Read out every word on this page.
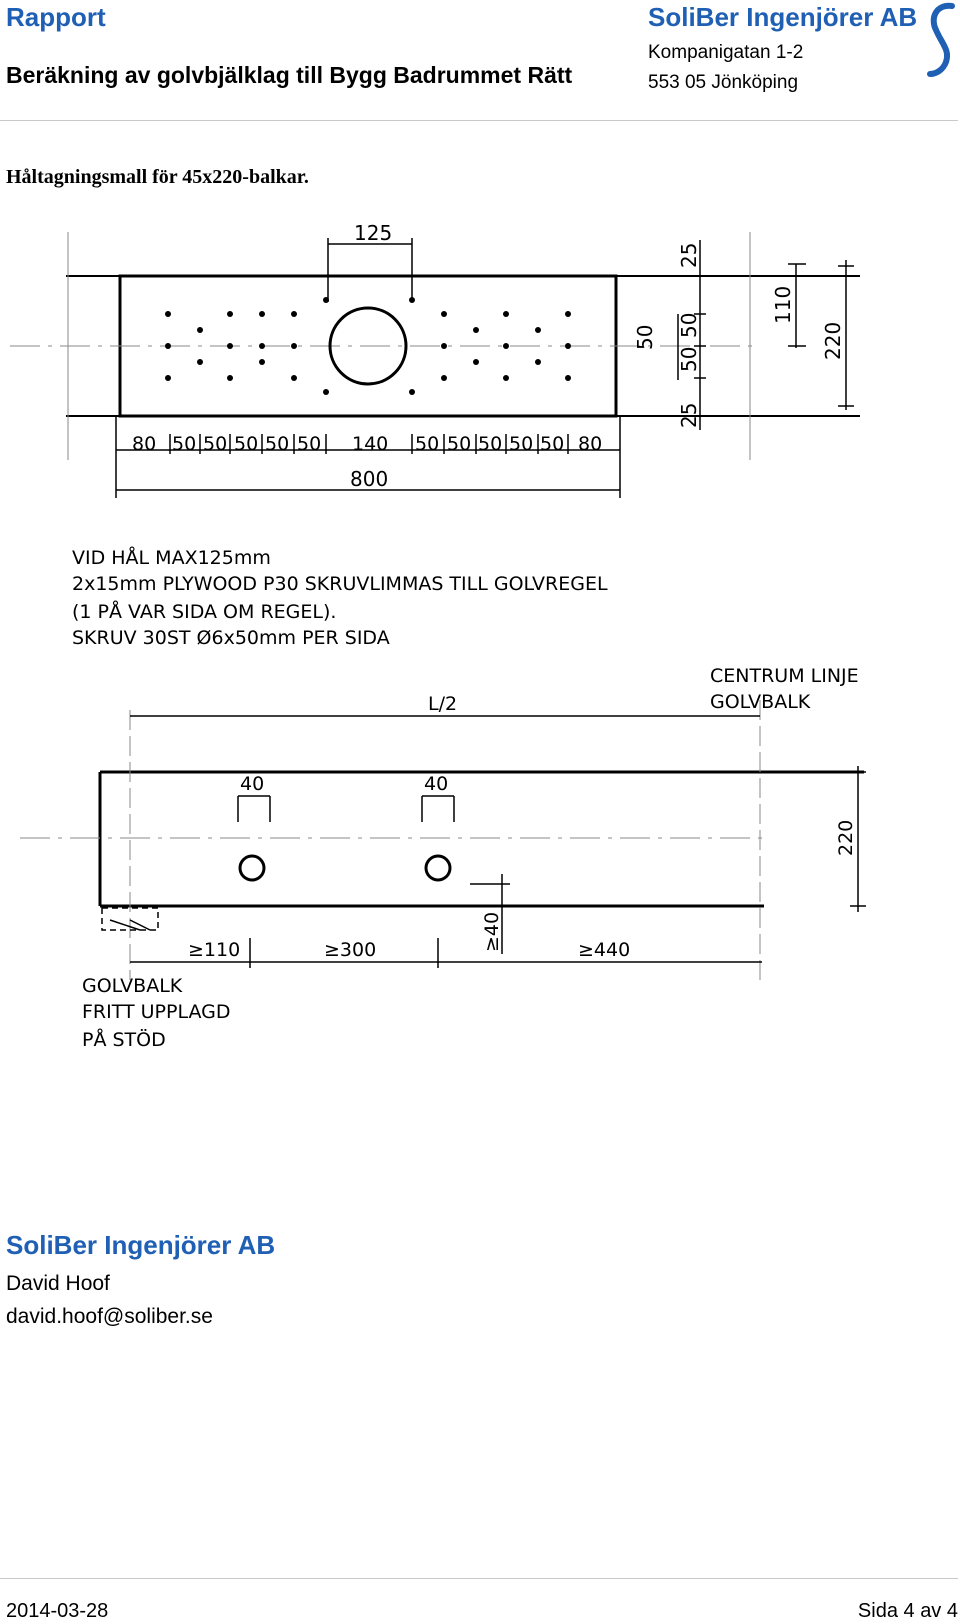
Rapport
Beräkning av golvbjälklag till Bygg Badrummet Rätt
SoliBer Ingenjörer AB
Kompanigatan 1-2
553 05 Jönköping
Håltagningsmall för 45x220-balkar.
125
25
25
50 50
50
110
220
800
80 50 50 50 50 50 140 50 50 50 50 50 80
VID HÅL MAX125mm
2x15mm PLYWOOD P30 SKRUVLIMMAS TILL GOLVREGEL
(1 PÅ VAR SIDA OM REGEL).
SKRUV 30ST Ø6x50mm PER SIDA
CENTRUM LINJE
GOLVBALK
L/2
40	40
220
≥40
≥110	≥300	≥440
GOLVBALK
FRITT UPPLAGD
PÅ STÖD
SoliBer Ingenjörer AB
David Hoof
david.hoof@soliber.se
2014-03-28	Sida 4 av 4
